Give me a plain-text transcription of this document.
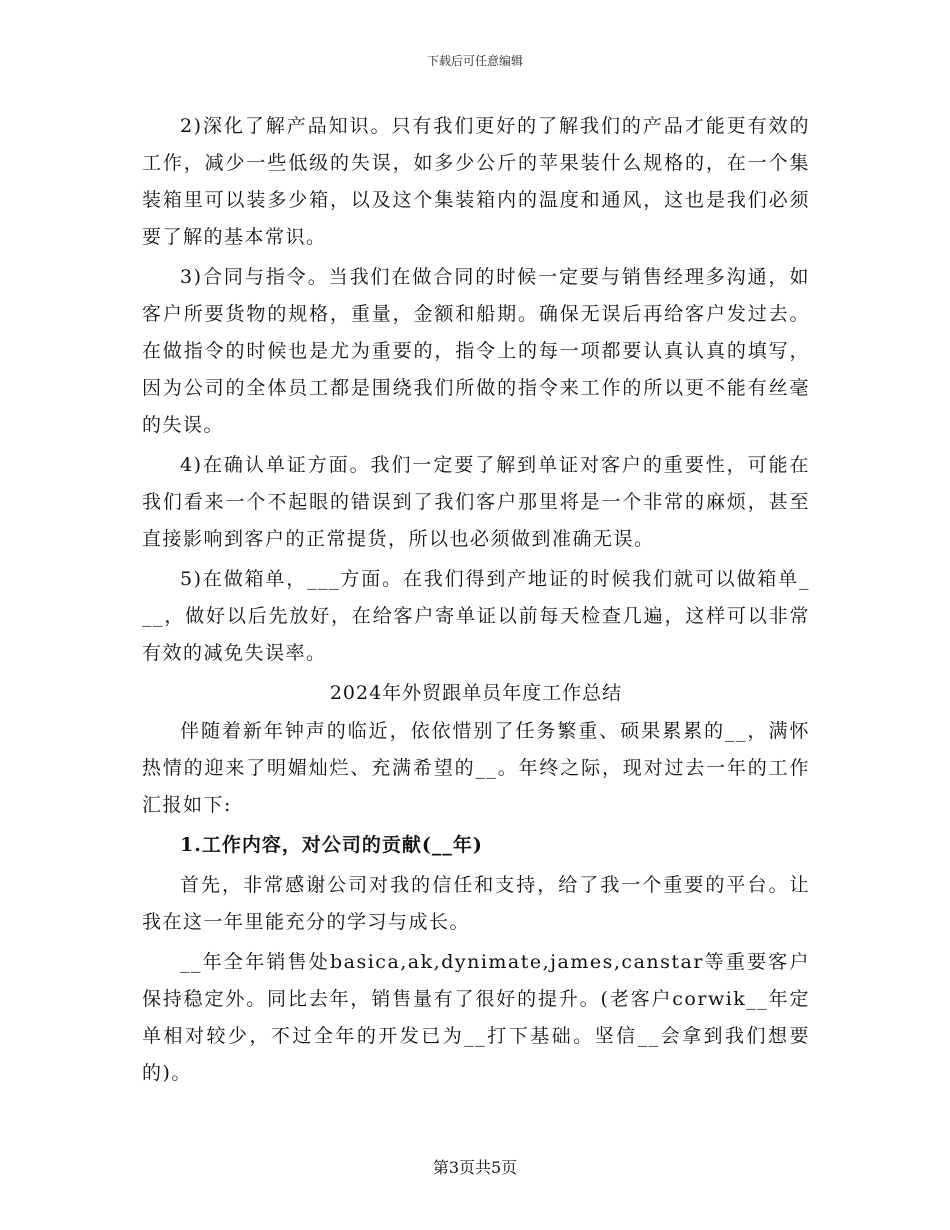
下载后可任意编辑

2)深化了解产品知识。只有我们更好的了解我们的产品才能更有效的工作，减少一些低级的失误，如多少公斤的苹果装什么规格的，在一个集装箱里可以装多少箱，以及这个集装箱内的温度和通风，这也是我们必须要了解的基本常识。

3)合同与指令。当我们在做合同的时候一定要与销售经理多沟通，如客户所要货物的规格，重量，金额和船期。确保无误后再给客户发过去。在做指令的时候也是尤为重要的，指令上的每一项都要认真认真的填写，因为公司的全体员工都是围绕我们所做的指令来工作的所以更不能有丝毫的失误。

4)在确认单证方面。我们一定要了解到单证对客户的重要性，可能在我们看来一个不起眼的错误到了我们客户那里将是一个非常的麻烦，甚至直接影响到客户的正常提货，所以也必须做到准确无误。

5)在做箱单，___方面。在我们得到产地证的时候我们就可以做箱单___，做好以后先放好，在给客户寄单证以前每天检查几遍，这样可以非常有效的减免失误率。

2024年外贸跟单员年度工作总结

伴随着新年钟声的临近，依依惜别了任务繁重、硕果累累的__，满怀热情的迎来了明媚灿烂、充满希望的__。年终之际，现对过去一年的工作汇报如下:

1.工作内容，对公司的贡献(__年)

首先，非常感谢公司对我的信任和支持，给了我一个重要的平台。让我在这一年里能充分的学习与成长。

__年全年销售处basica,ak,dynimate,james,canstar等重要客户保持稳定外。同比去年，销售量有了很好的提升。(老客户corwik__年定单相对较少，不过全年的开发已为__打下基础。坚信__会拿到我们想要的)。

第3页共5页
